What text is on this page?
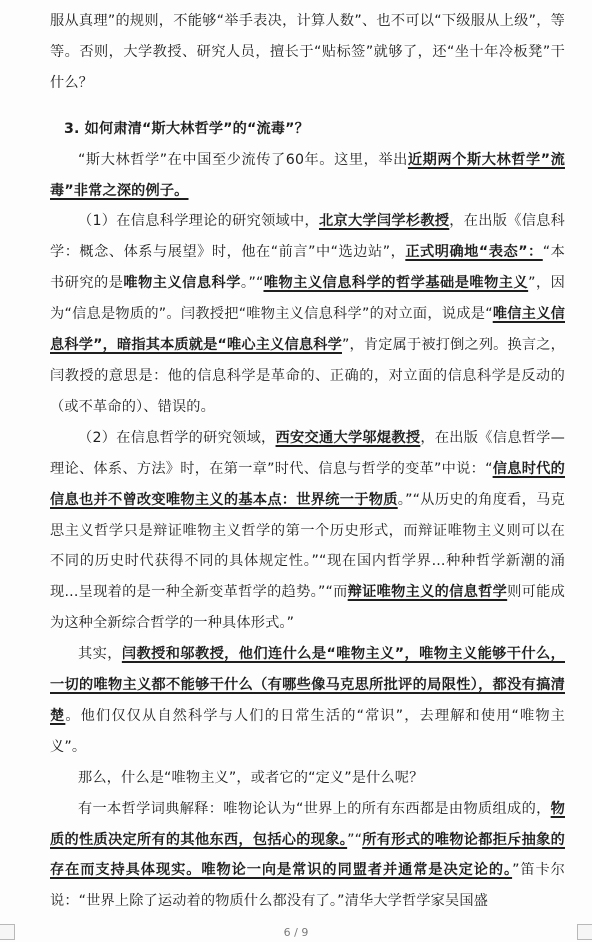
服从真理”的规则，不能够“举手表决，计算人数”、也不可以“下级服从上级”，等等。否则，大学教授、研究人员，擅长于“贴标签”就够了，还“坐十年冷板凳”干什么？

3. 如何肃清“斯大林哲学”的“流毒”？

“斯大林哲学”在中国至少流传了60年。这里，举出近期两个斯大林哲学”流毒”非常之深的例子。

（1）在信息科学理论的研究领域中，北京大学闫学杉教授，在出版《信息科学：概念、体系与展望》时，他在“前言”中“选边站”，正式明确地“表态”：“本书研究的是唯物主义信息科学。”“唯物主义信息科学的哲学基础是唯物主义”，因为“信息是物质的”。闫教授把“唯物主义信息科学”的对立面，说成是“唯信主义信息科学”，暗指其本质就是“唯心主义信息科学”，肯定属于被打倒之列。换言之，闫教授的意思是：他的信息科学是革命的、正确的，对立面的信息科学是反动的（或不革命的）、错误的。

（2）在信息哲学的研究领域，西安交通大学邬焜教授，在出版《信息哲学—理论、体系、方法》时，在第一章”时代、信息与哲学的变革”中说：“信息时代的信息也并不曾改变唯物主义的基本点：世界统一于物质。”“从历史的角度看，马克思主义哲学只是辩证唯物主义哲学的第一个历史形式，而辩证唯物主义则可以在不同的历史时代获得不同的具体规定性。”“现在国内哲学界...种种哲学新潮的涌现...呈现着的是一种全新变革哲学的趋势。”“而辩证唯物主义的信息哲学则可能成为这种全新综合哲学的一种具体形式。”

其实，闫教授和邬教授，他们连什么是“唯物主义”，唯物主义能够干什么，一切的唯物主义都不能够干什么（有哪些像马克思所批评的局限性），都没有搞清楚。他们仅仅从自然科学与人们的日常生活的“常识”，去理解和使用“唯物主义”。

那么，什么是“唯物主义”，或者它的“定义”是什么呢？

有一本哲学词典解释：唯物论认为“世界上的所有东西都是由物质组成的，物质的性质决定所有的其他东西，包括心的现象。”“所有形式的唯物论都拒斥抽象的存在而支持具体现实。唯物论一向是常识的同盟者并通常是决定论的。”笛卡尔说：“世界上除了运动着的物质什么都没有了。”清华大学哲学家吴国盛

6 / 9
